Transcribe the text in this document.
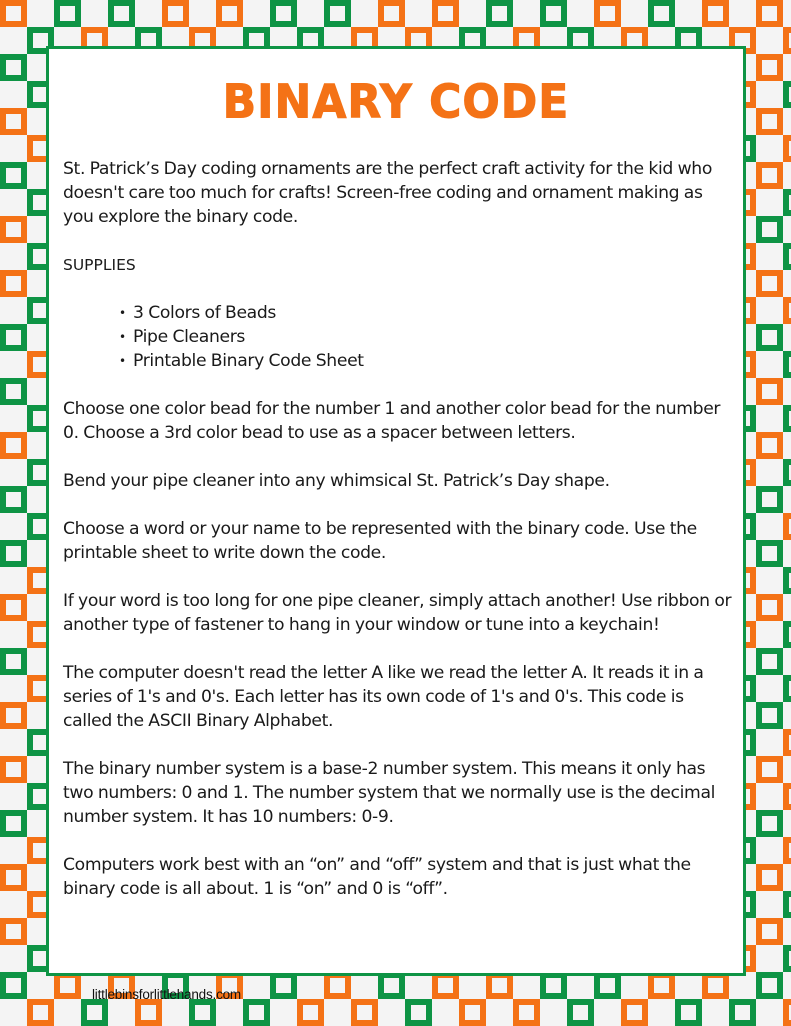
BINARY CODE

St. Patrick’s Day coding ornaments are the perfect craft activity for the kid who doesn't care too much for crafts! Screen-free coding and ornament making as you explore the binary code.

SUPPLIES

• 3 Colors of Beads
• Pipe Cleaners
• Printable Binary Code Sheet

Choose one color bead for the number 1 and another color bead for the number 0. Choose a 3rd color bead to use as a spacer between letters.

Bend your pipe cleaner into any whimsical St. Patrick’s Day shape.

Choose a word or your name to be represented with the binary code. Use the printable sheet to write down the code.

If your word is too long for one pipe cleaner, simply attach another! Use ribbon or another type of fastener to hang in your window or tune into a keychain!

The computer doesn't read the letter A like we read the letter A. It reads it in a series of 1's and 0's. Each letter has its own code of 1's and 0's. This code is called the ASCII Binary Alphabet.

The binary number system is a base-2 number system. This means it only has two numbers: 0 and 1. The number system that we normally use is the decimal number system. It has 10 numbers: 0-9.

Computers work best with an “on” and “off” system and that is just what the binary code is all about. 1 is “on” and 0 is “off”.

littlebinsforlittlehands.com
